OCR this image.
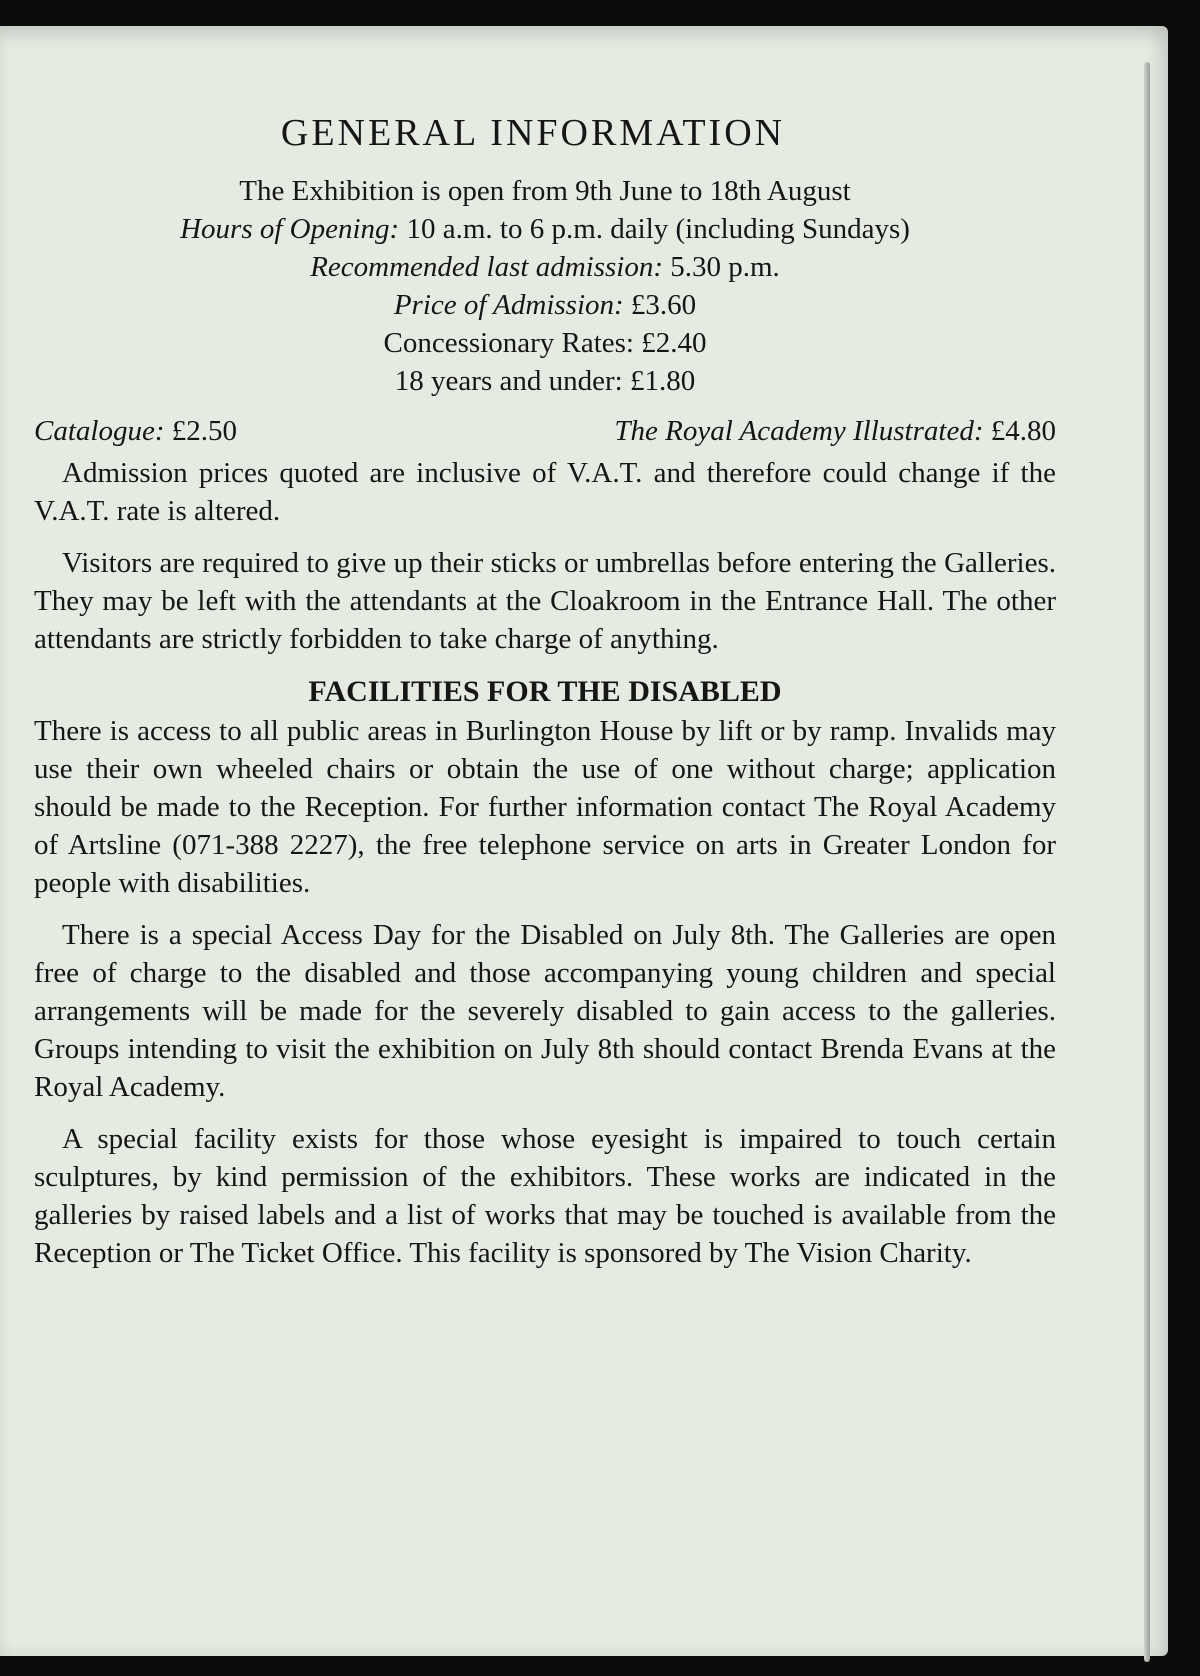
GENERAL INFORMATION

The Exhibition is open from 9th June to 18th August

Hours of Opening: 10 a.m. to 6 p.m. daily (including Sundays)

Recommended last admission: 5.30 p.m.

Price of Admission: £3.60

Concessionary Rates: £2.40

18 years and under: £1.80

Catalogue: £2.50	The Royal Academy Illustrated: £4.80

Admission prices quoted are inclusive of V.A.T. and therefore could change if the V.A.T. rate is altered.

Visitors are required to give up their sticks or umbrellas before entering the Galleries. They may be left with the attendants at the Cloakroom in the Entrance Hall. The other attendants are strictly forbidden to take charge of anything.

FACILITIES FOR THE DISABLED

There is access to all public areas in Burlington House by lift or by ramp. Invalids may use their own wheeled chairs or obtain the use of one without charge; application should be made to the Reception. For further information contact The Royal Academy of Artsline (071-388 2227), the free telephone service on arts in Greater London for people with disabilities.

There is a special Access Day for the Disabled on July 8th. The Galleries are open free of charge to the disabled and those accompanying young children and special arrangements will be made for the severely disabled to gain access to the galleries. Groups intending to visit the exhibition on July 8th should contact Brenda Evans at the Royal Academy.

A special facility exists for those whose eyesight is impaired to touch certain sculptures, by kind permission of the exhibitors. These works are indicated in the galleries by raised labels and a list of works that may be touched is available from the Reception or The Ticket Office. This facility is sponsored by The Vision Charity.
